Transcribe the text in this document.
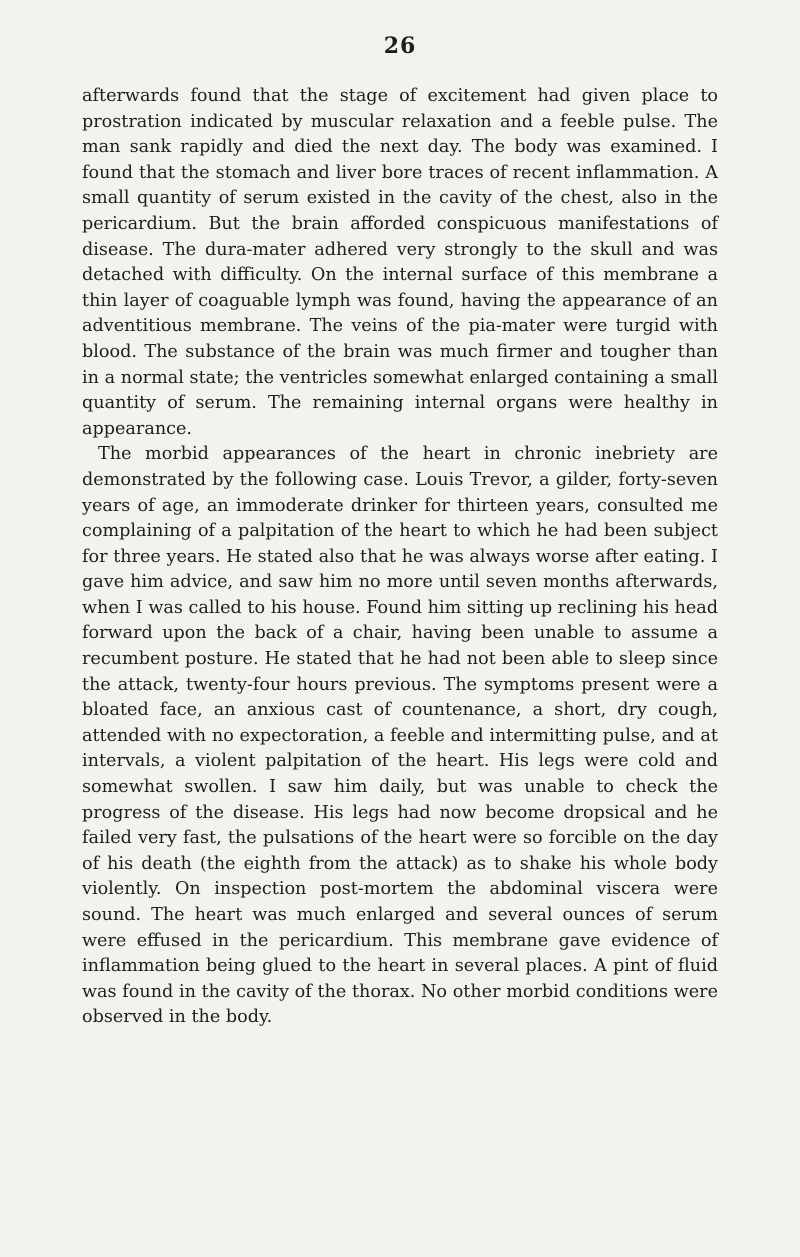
26

afterwards found that the stage of excitement had given place to prostration indicated by muscular relaxation and a feeble pulse. The man sank rapidly and died the next day. The body was examined. I found that the stomach and liver bore traces of recent inflammation. A small quantity of serum existed in the cavity of the chest, also in the pericardium. But the brain afforded conspicuous manifestations of disease. The dura-mater adhered very strongly to the skull and was detached with difficulty. On the internal surface of this membrane a thin layer of coaguable lymph was found, having the appearance of an adventitious membrane. The veins of the pia-mater were turgid with blood. The substance of the brain was much firmer and tougher than in a normal state; the ventricles somewhat enlarged containing a small quantity of serum. The remaining internal organs were healthy in appearance.

The morbid appearances of the heart in chronic inebriety are demonstrated by the following case. Louis Trevor, a gilder, forty-seven years of age, an immoderate drinker for thirteen years, consulted me complaining of a palpitation of the heart to which he had been subject for three years. He stated also that he was always worse after eating. I gave him advice, and saw him no more until seven months afterwards, when I was called to his house. Found him sitting up reclining his head forward upon the back of a chair, having been unable to assume a recumbent posture. He stated that he had not been able to sleep since the attack, twenty-four hours previous. The symptoms present were a bloated face, an anxious cast of countenance, a short, dry cough, attended with no expectoration, a feeble and intermitting pulse, and at intervals, a violent palpitation of the heart. His legs were cold and somewhat swollen. I saw him daily, but was unable to check the progress of the disease. His legs had now become dropsical and he failed very fast, the pulsations of the heart were so forcible on the day of his death (the eighth from the attack) as to shake his whole body violently. On inspection post-mortem the abdominal viscera were sound. The heart was much enlarged and several ounces of serum were effused in the pericardium. This membrane gave evidence of inflammation being glued to the heart in several places. A pint of fluid was found in the cavity of the thorax. No other morbid conditions were observed in the body.
